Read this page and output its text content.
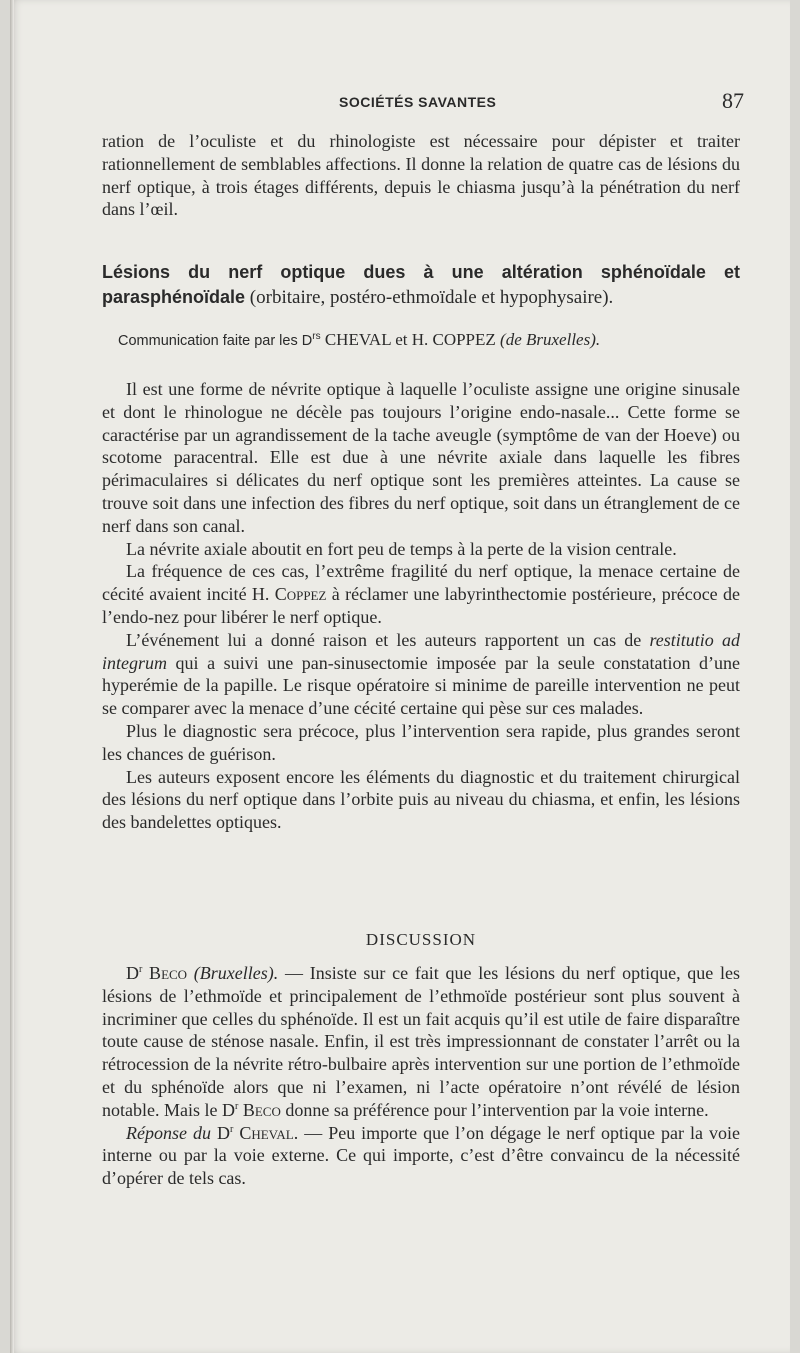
SOCIÉTÉS SAVANTES	87

ration de l’oculiste et du rhinologiste est nécessaire pour dépister et traiter rationnellement de semblables affections. Il donne la relation de quatre cas de lésions du nerf optique, à trois étages différents, depuis le chiasma jusqu’à la pénétration du nerf dans l’œil.

Lésions du nerf optique dues à une altération sphénoïdale et parasphénoïdale (orbitaire, postéro-ethmoïdale et hypophysaire).
Communication faite par les $D^{rs}$ CHEVAL et H. COPPEZ (de Bruxelles).

Il est une forme de névrite optique à laquelle l’oculiste assigne une origine sinusale et dont le rhinologue ne décèle pas toujours l’origine endo-nasale... Cette forme se caractérise par un agrandissement de la tache aveugle (symptôme de van der Hoeve) ou scotome paracentral. Elle est due à une névrite axiale dans laquelle les fibres périmaculaires si délicates du nerf optique sont les premières atteintes. La cause se trouve soit dans une infection des fibres du nerf optique, soit dans un étranglement de ce nerf dans son canal.

La névrite axiale aboutit en fort peu de temps à la perte de la vision centrale.

La fréquence de ces cas, l’extrême fragilité du nerf optique, la menace certaine de cécité avaient incité H. Coppez à réclamer une labyrinthectomie postérieure, précoce de l’endo-nez pour libérer le nerf optique.

L’événement lui a donné raison et les auteurs rapportent un cas de restitutio ad integrum qui a suivi une pan-sinusectomie imposée par la seule constatation d’une hyperémie de la papille. Le risque opératoire si minime de pareille intervention ne peut se comparer avec la menace d’une cécité certaine qui pèse sur ces malades.

Plus le diagnostic sera précoce, plus l’intervention sera rapide, plus grandes seront les chances de guérison.

Les auteurs exposent encore les éléments du diagnostic et du traitement chirurgical des lésions du nerf optique dans l’orbite puis au niveau du chiasma, et enfin, les lésions des bandelettes optiques.

DISCUSSION

$D^r$ Beco (Bruxelles). — Insiste sur ce fait que les lésions du nerf optique, que les lésions de l’ethmoïde et principalement de l’ethmoïde postérieur sont plus souvent à incriminer que celles du sphénoïde. Il est un fait acquis qu’il est utile de faire disparaître toute cause de sténose nasale. Enfin, il est très impressionnant de constater l’arrêt ou la rétrocession de la névrite rétro-bulbaire après intervention sur une portion de l’ethmoïde et du sphénoïde alors que ni l’examen, ni l’acte opératoire n’ont révélé de lésion notable. Mais le $D^r$ Beco donne sa préférence pour l’intervention par la voie interne.

Réponse du $D^r$ Cheval. — Peu importe que l’on dégage le nerf optique par la voie interne ou par la voie externe. Ce qui importe, c’est d’être convaincu de la nécessité d’opérer de tels cas.
